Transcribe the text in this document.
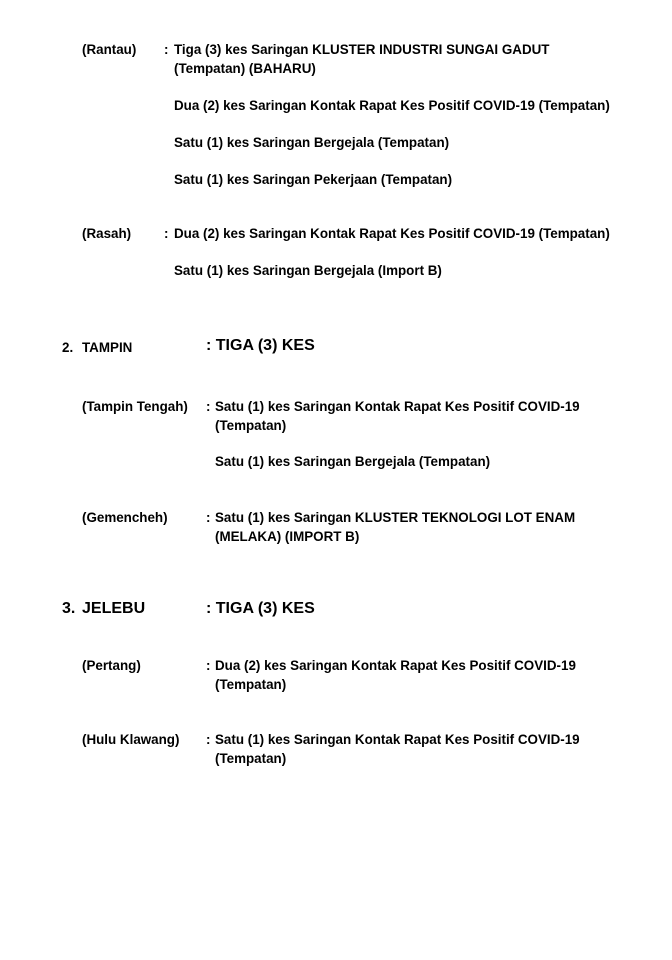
(Rantau) : Tiga (3) kes Saringan KLUSTER INDUSTRI SUNGAI GADUT
(Tempatan) (BAHARU)
Dua (2) kes Saringan Kontak Rapat Kes Positif COVID-19 (Tempatan)
Satu (1) kes Saringan Bergejala (Tempatan)
Satu (1) kes Saringan Pekerjaan (Tempatan)
(Rasah) : Dua (2) kes Saringan Kontak Rapat Kes Positif COVID-19 (Tempatan)
Satu (1) kes Saringan Bergejala (Import B)
2. TAMPIN	: TIGA (3) KES
(Tampin Tengah) : Satu (1) kes Saringan Kontak Rapat Kes Positif COVID-19
(Tempatan)
Satu (1) kes Saringan Bergejala (Tempatan)
(Gemencheh)	: Satu (1) kes Saringan KLUSTER TEKNOLOGI LOT ENAM
(MELAKA) (IMPORT B)
3. JELEBU	: TIGA (3) KES
(Pertang)	: Dua (2) kes Saringan Kontak Rapat Kes Positif COVID-19
(Tempatan)
(Hulu Klawang) : Satu (1) kes Saringan Kontak Rapat Kes Positif COVID-19
(Tempatan)
